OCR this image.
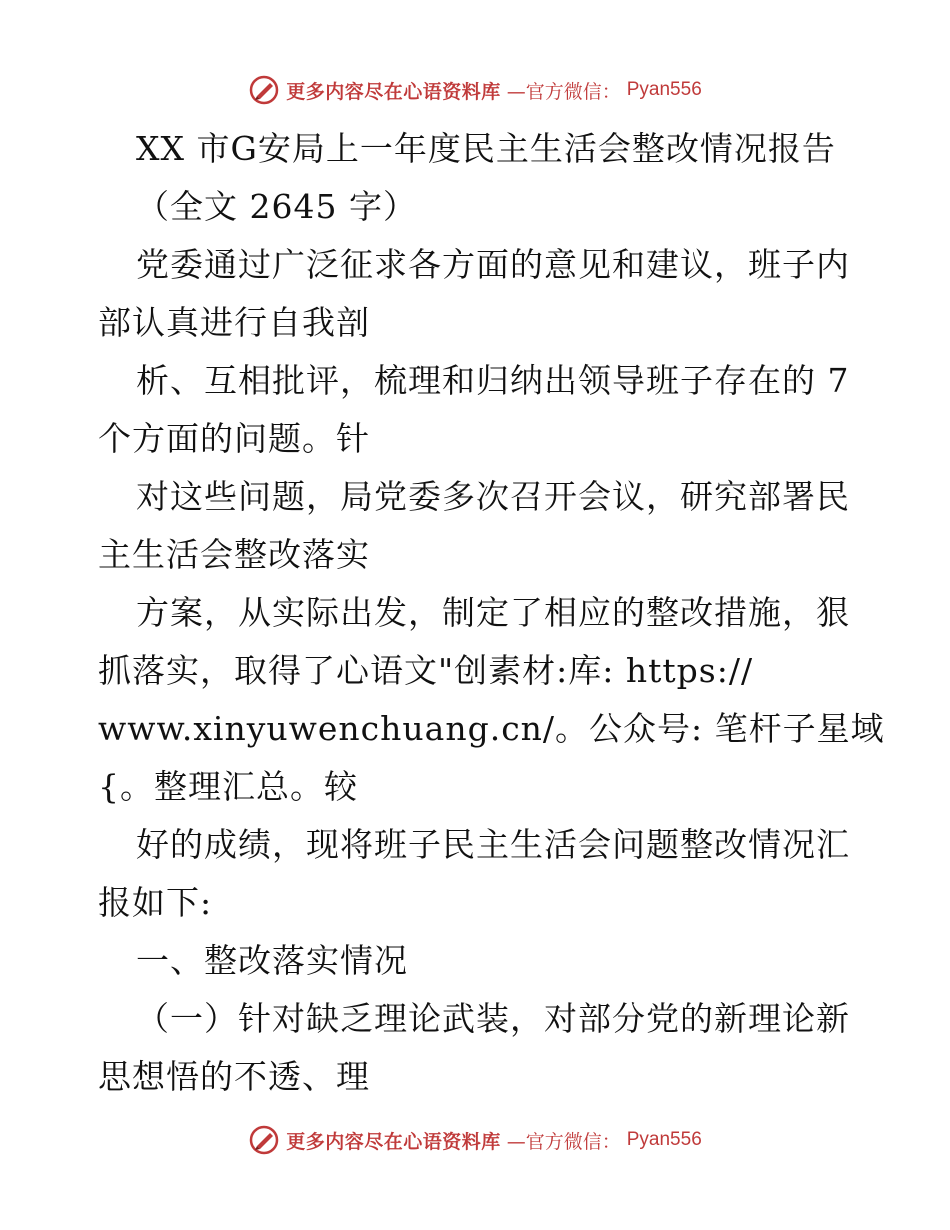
更多内容尽在心语资料库 —官方微信： Pyan556
XX 市G安局上一年度民主生活会整改情况报告
（全文 2645 字）
党委通过广泛征求各方面的意见和建议，班子内
部认真进行自我剖
析、互相批评，梳理和归纳出领导班子存在的 7
个方面的问题。针
对这些问题，局党委多次召开会议，研究部署民
主生活会整改落实
方案，从实际出发，制定了相应的整改措施，狠
抓落实，取得了心语文"创素材:库: https://
www.xinyuwenchuang.cn/。公众号: 笔杆子星域
{。整理汇总。较
好的成绩，现将班子民主生活会问题整改情况汇
报如下:
一、整改落实情况
（一）针对缺乏理论武装，对部分党的新理论新
思想悟的不透、理
更多内容尽在心语资料库 —官方微信： Pyan556
